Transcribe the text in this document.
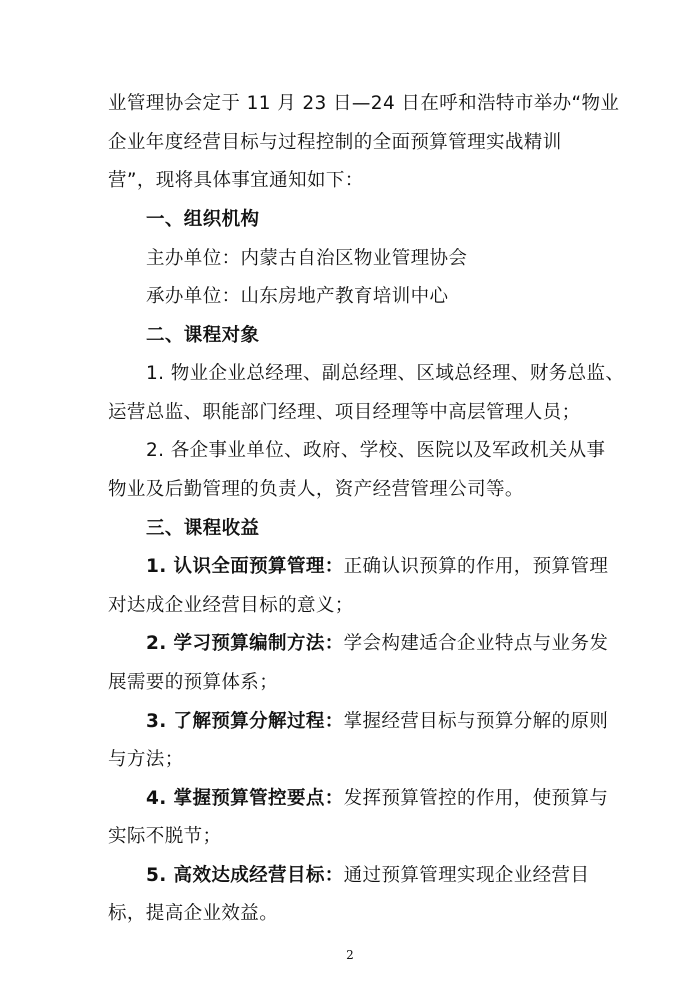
业管理协会定于 11 月 23 日—24 日在呼和浩特市举办“物业
企业年度经营目标与过程控制的全面预算管理实战精训
营”，现将具体事宜通知如下：
一、组织机构
主办单位：内蒙古自治区物业管理协会
承办单位：山东房地产教育培训中心
二、课程对象
1. 物业企业总经理、副总经理、区域总经理、财务总监、
运营总监、职能部门经理、项目经理等中高层管理人员；
2. 各企事业单位、政府、学校、医院以及军政机关从事
物业及后勤管理的负责人，资产经营管理公司等。
三、课程收益
1. 认识全面预算管理：正确认识预算的作用，预算管理
对达成企业经营目标的意义；
2. 学习预算编制方法：学会构建适合企业特点与业务发
展需要的预算体系；
3. 了解预算分解过程：掌握经营目标与预算分解的原则
与方法；
4. 掌握预算管控要点：发挥预算管控的作用，使预算与
实际不脱节；
5. 高效达成经营目标：通过预算管理实现企业经营目
标，提高企业效益。
2
